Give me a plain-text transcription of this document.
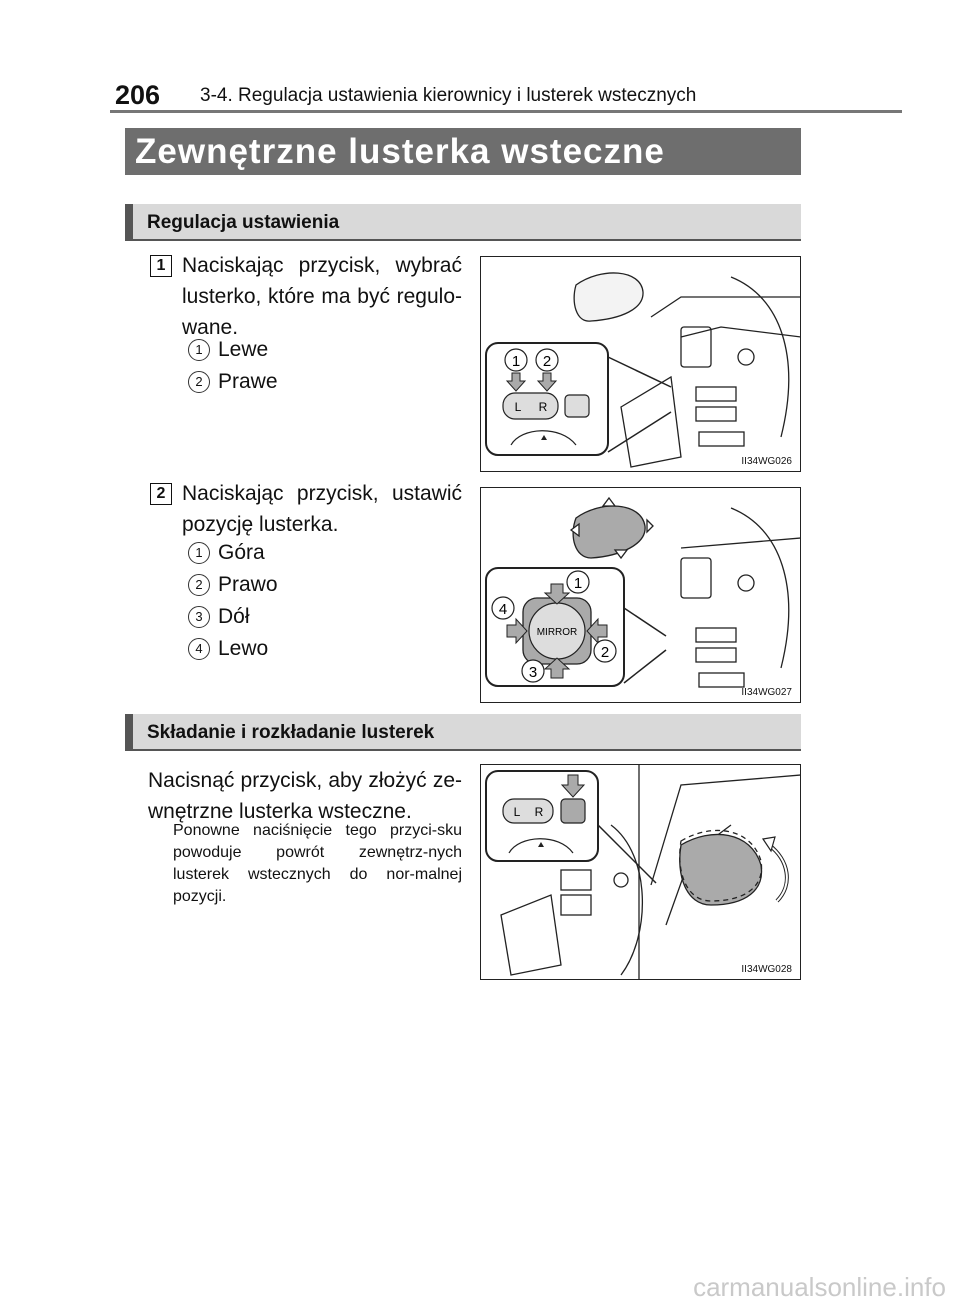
206 3-4. Regulacja ustawienia kierownicy i lusterek wstecznych
Zewnętrzne lusterka wsteczne
Regulacja ustawienia
1 Naciskając przycisk, wybrać lusterko, które ma być regulo-wane.
1 Lewe
2 Prawe
2 Naciskając przycisk, ustawić pozycję lusterka.
1 Góra
2 Prawo
3 Dół
4 Lewo
Składanie i rozkładanie lusterek
Nacisnąć przycisk, aby złożyć ze-wnętrzne lusterka wsteczne.
Ponowne naciśnięcie tego przyci-sku powoduje powrót zewnętrz-nych lusterek wstecznych do nor-malnej pozycji.
1 2
L R
II34WG026
MIRROR
1
2
3
4
II34WG027
L R
II34WG028
carmanualsonline.info
